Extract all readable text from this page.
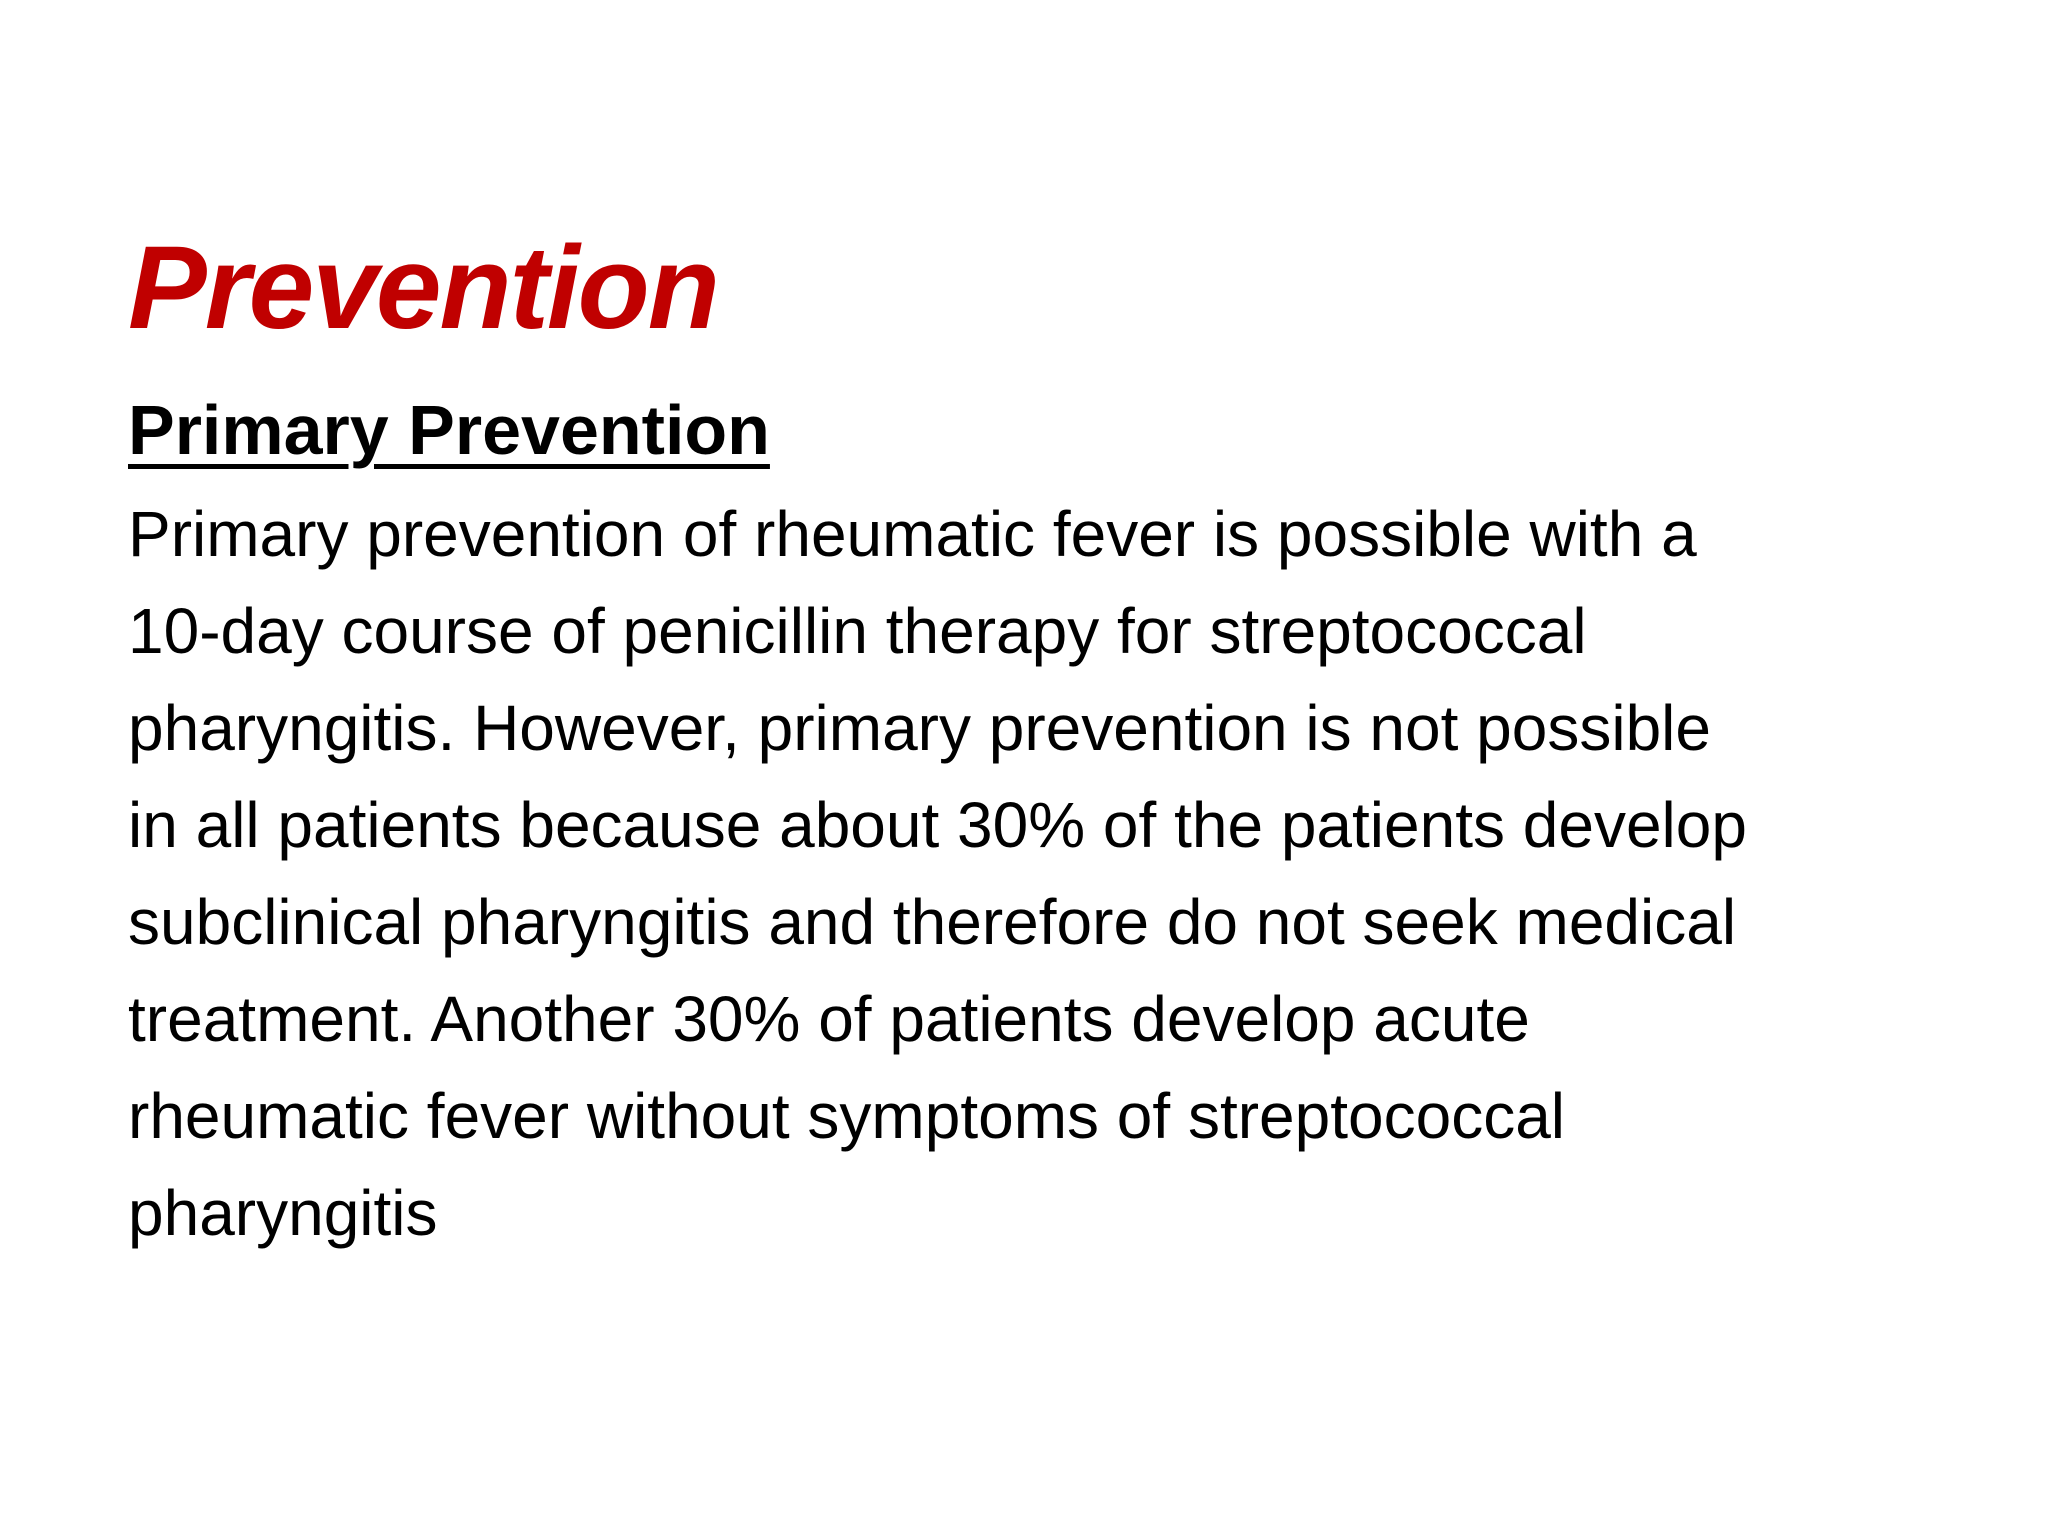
Prevention
Primary Prevention

Primary prevention of rheumatic fever is possible with a
10-day course of penicillin therapy for streptococcal
pharyngitis. However, primary prevention is not possible
in all patients because about 30% of the patients develop
subclinical pharyngitis and therefore do not seek medical
treatment. Another 30% of patients develop acute
rheumatic fever without symptoms of streptococcal
pharyngitis
